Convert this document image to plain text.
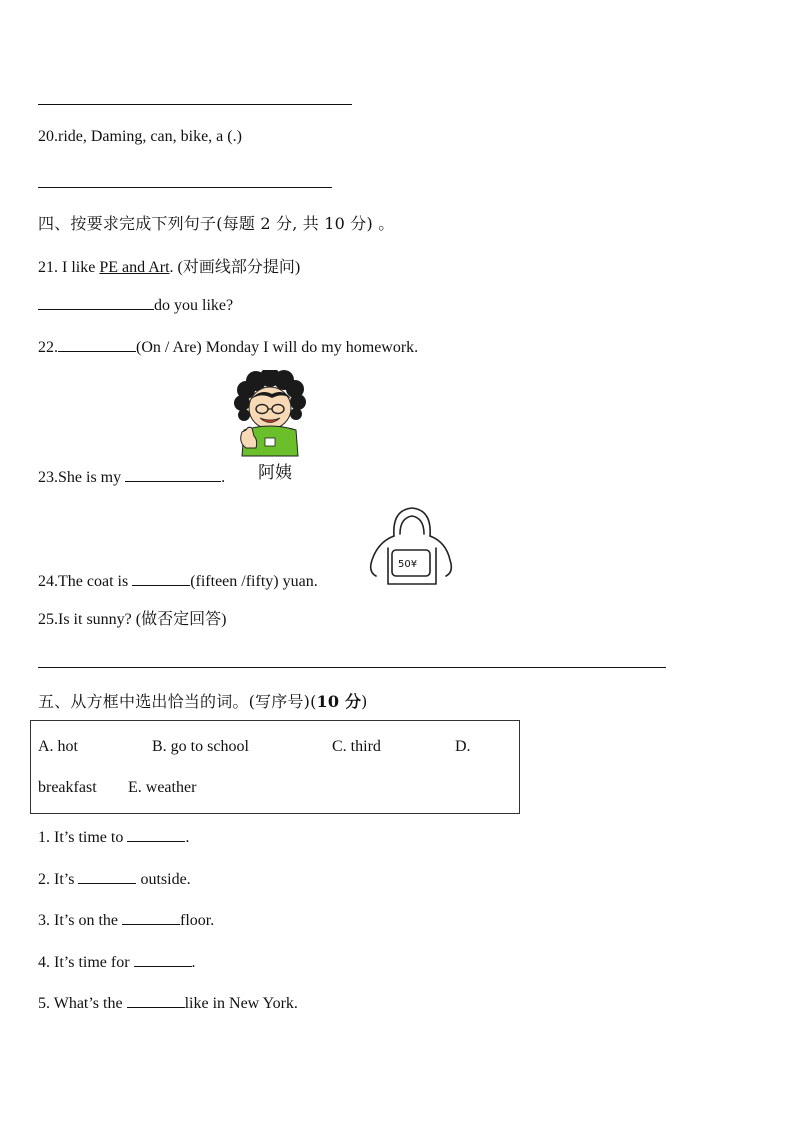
20.ride, Daming, can, bike, a (.)
四、按要求完成下列句子(每题 2 分, 共 10 分) 。
21. I like PE and Art. (对画线部分提问)
do you like?
22.	(On / Are) Monday I will do my homework.
阿姨
23.She is my	.
50¥
24.The coat is	(fifteen /fifty) yuan.
25.Is it sunny? (做否定回答)
五、从方框中选出恰当的词。(写序号)(10 分)
A. hot	B. go to school	C. third	D.
breakfast E. weather
1. It’s time to	.
2. It’s	outside.
3. It’s on the	floor.
4. It’s time for	.
5. What’s the	like in New York.
